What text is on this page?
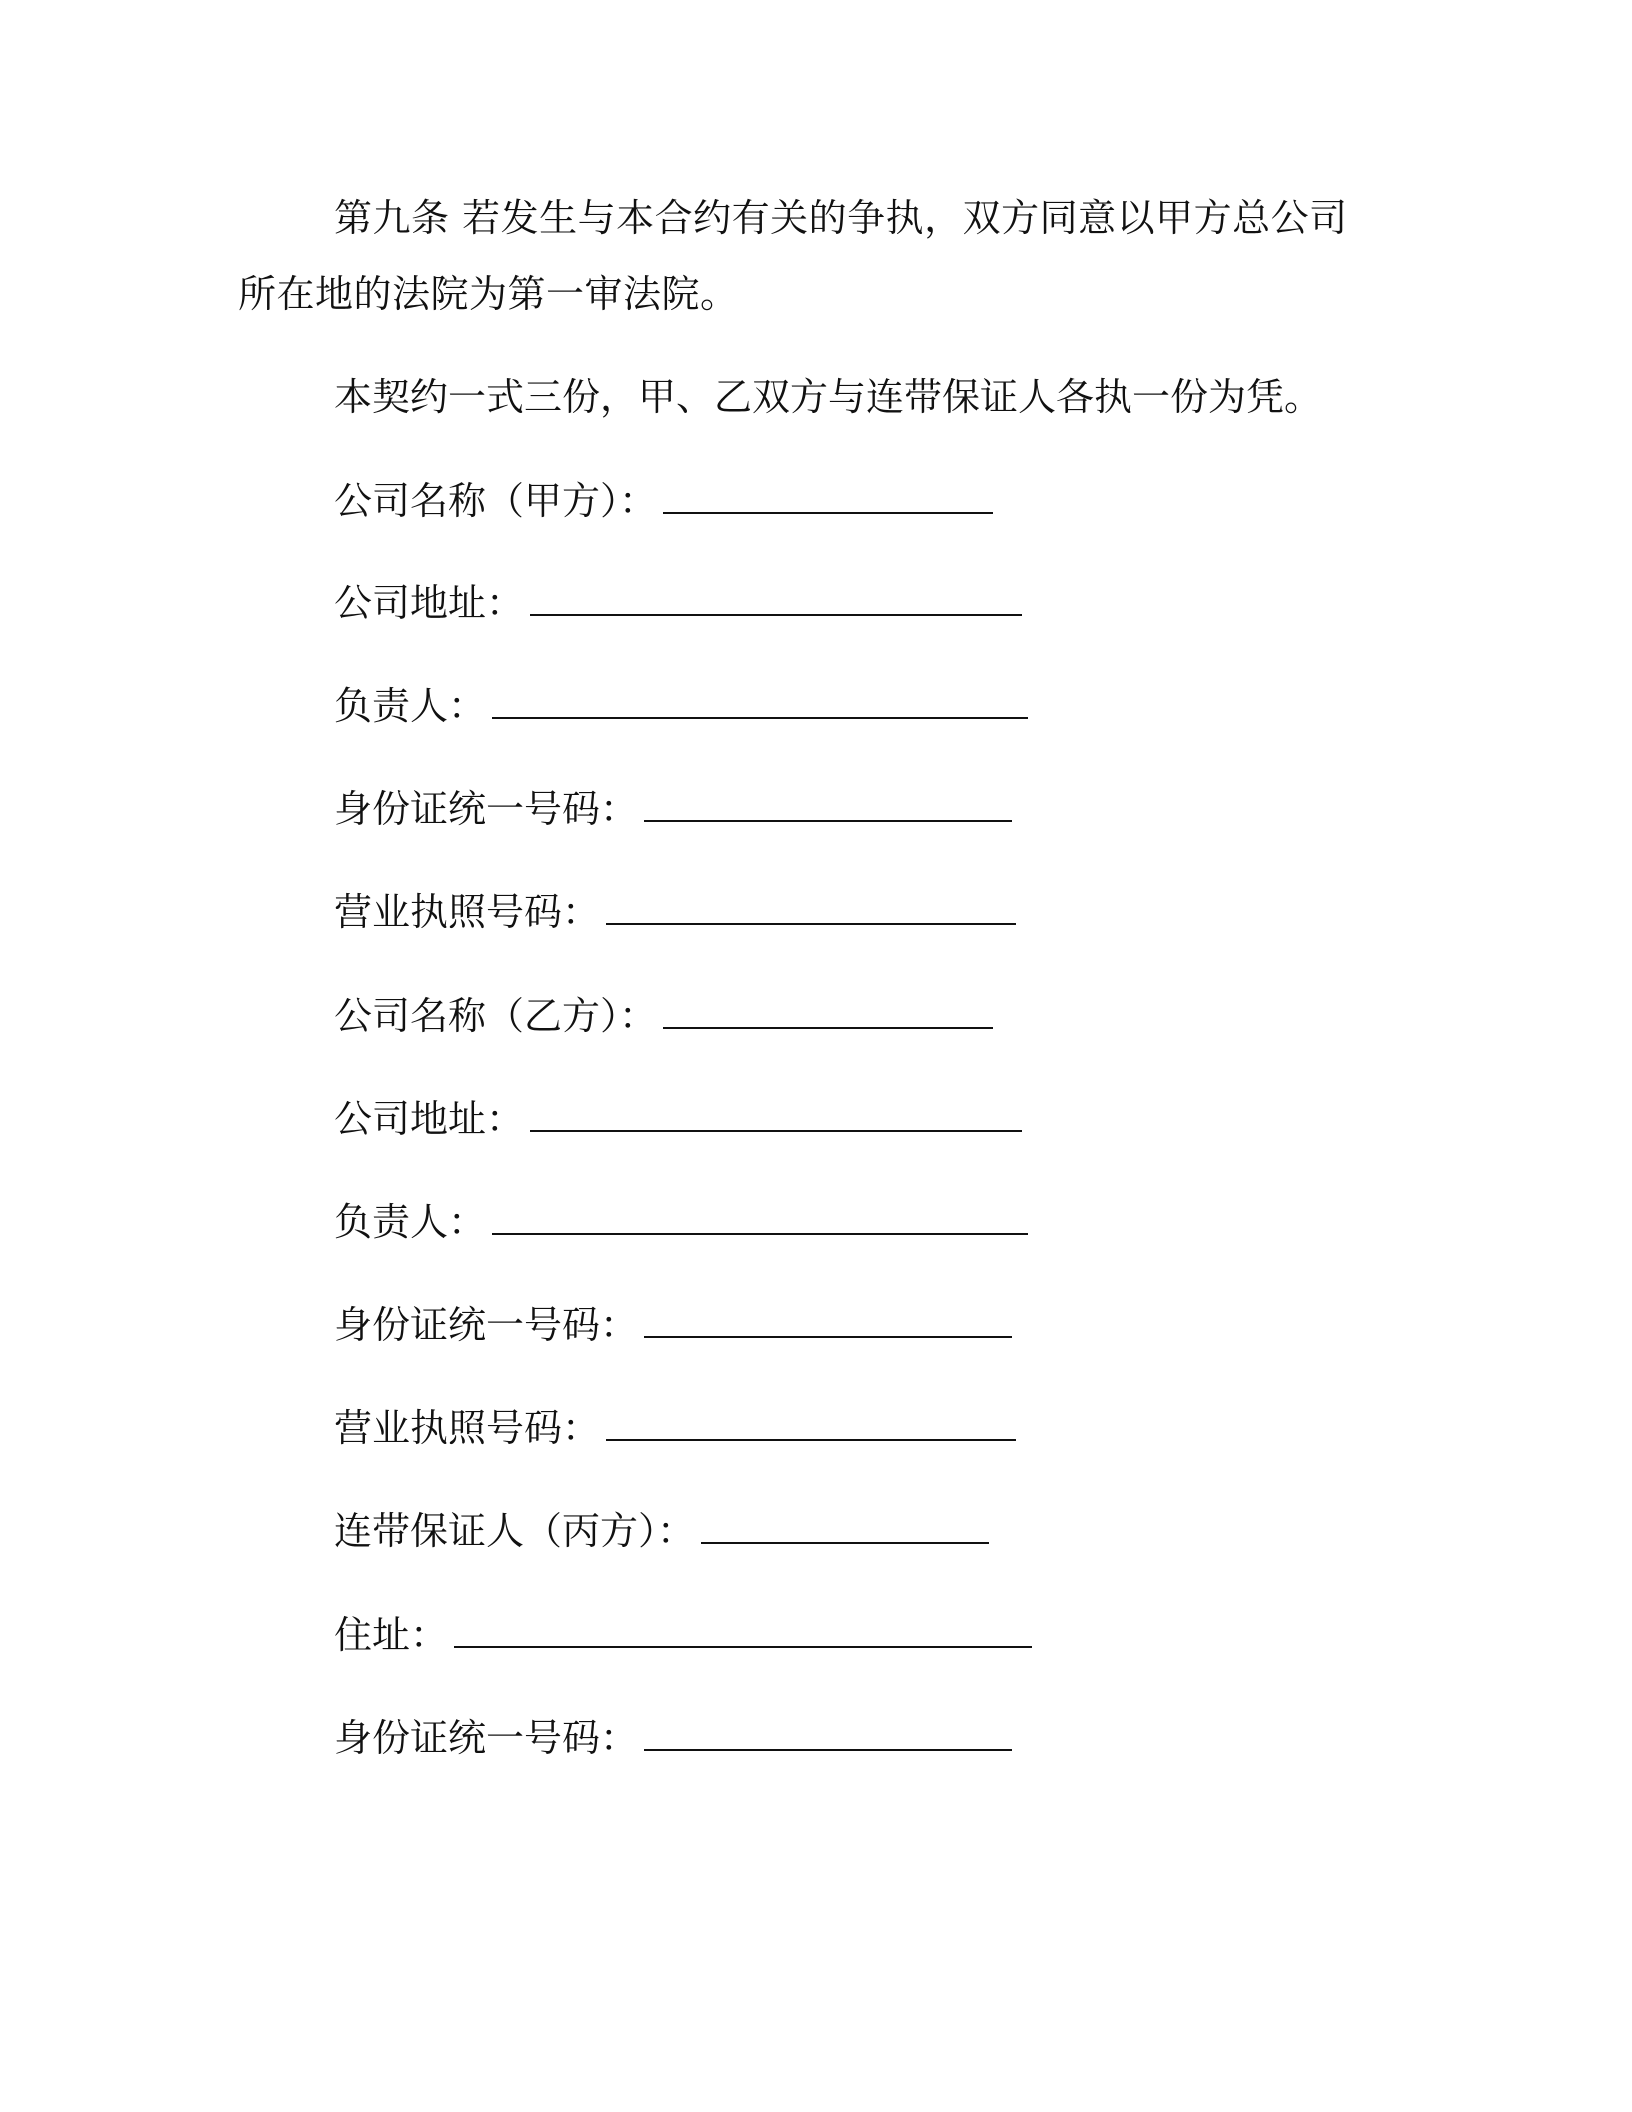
第九条 若发生与本合约有关的争执，双方同意以甲方总公司所在地的法院为第一审法院。

本契约一式三份，甲、乙双方与连带保证人各执一份为凭。

公司名称（甲方）：
公司地址：
负责人：
身份证统一号码：
营业执照号码：
公司名称（乙方）：
公司地址：
负责人：
身份证统一号码：
营业执照号码：
连带保证人（丙方）：
住址：
身份证统一号码：
